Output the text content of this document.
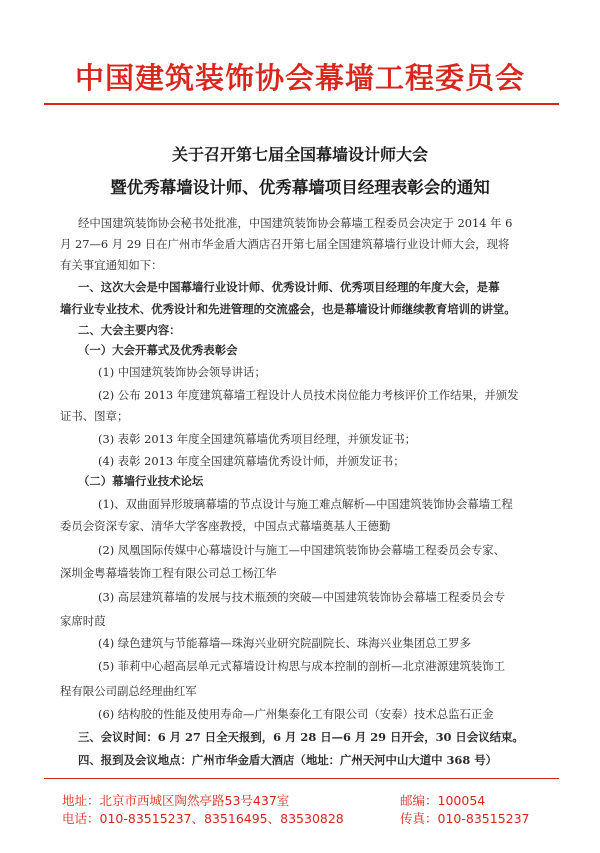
中国建筑装饰协会幕墙工程委员会
关于召开第七届全国幕墙设计师大会
暨优秀幕墙设计师、优秀幕墙项目经理表彰会的通知
经中国建筑装饰协会秘书处批准，中国建筑装饰协会幕墙工程委员会决定于 2014 年 6
月 27—6 月 29 日在广州市华金盾大酒店召开第七届全国建筑幕墙行业设计师大会，现将
有关事宜通知如下：
一、这次大会是中国幕墙行业设计师、优秀设计师、优秀项目经理的年度大会，是幕
墙行业专业技术、优秀设计和先进管理的交流盛会，也是幕墙设计师继续教育培训的讲堂。
二、大会主要内容：
（一）大会开幕式及优秀表彰会
(1) 中国建筑装饰协会领导讲话；
(2) 公布 2013 年度建筑幕墙工程设计人员技术岗位能力考核评价工作结果，并颁发
证书、图章；
(3) 表彰 2013 年度全国建筑幕墙优秀项目经理，并颁发证书；
(4) 表彰 2013 年度全国建筑幕墙优秀设计师，并颁发证书；
（二）幕墙行业技术论坛
(1)、双曲面异形玻璃幕墙的节点设计与施工难点解析—中国建筑装饰协会幕墙工程
委员会资深专家、清华大学客座教授，中国点式幕墙奠基人王德勤
(2) 凤凰国际传媒中心幕墙设计与施工—中国建筑装饰协会幕墙工程委员会专家、
深圳金粤幕墙装饰工程有限公司总工杨江华
(3) 高层建筑幕墙的发展与技术瓶颈的突破—中国建筑装饰协会幕墙工程委员会专
家席时葭
(4) 绿色建筑与节能幕墙—珠海兴业研究院副院长、珠海兴业集团总工罗多
(5) 菲莉中心超高层单元式幕墙设计构思与成本控制的剖析—北京港源建筑装饰工
程有限公司副总经理曲红军
(6) 结构胶的性能及使用寿命—广州集泰化工有限公司（安泰）技术总监石正金
三、会议时间：6 月 27 日全天报到，6 月 28 日—6 月 29 日开会，30 日会议结束。
四、报到及会议地点：广州市华金盾大酒店（地址：广州天河中山大道中 368 号）
地址：北京市西城区陶然亭路53号437室
电话：010-83515237、83516495、83530828
邮编：100054
传真：010-83515237
